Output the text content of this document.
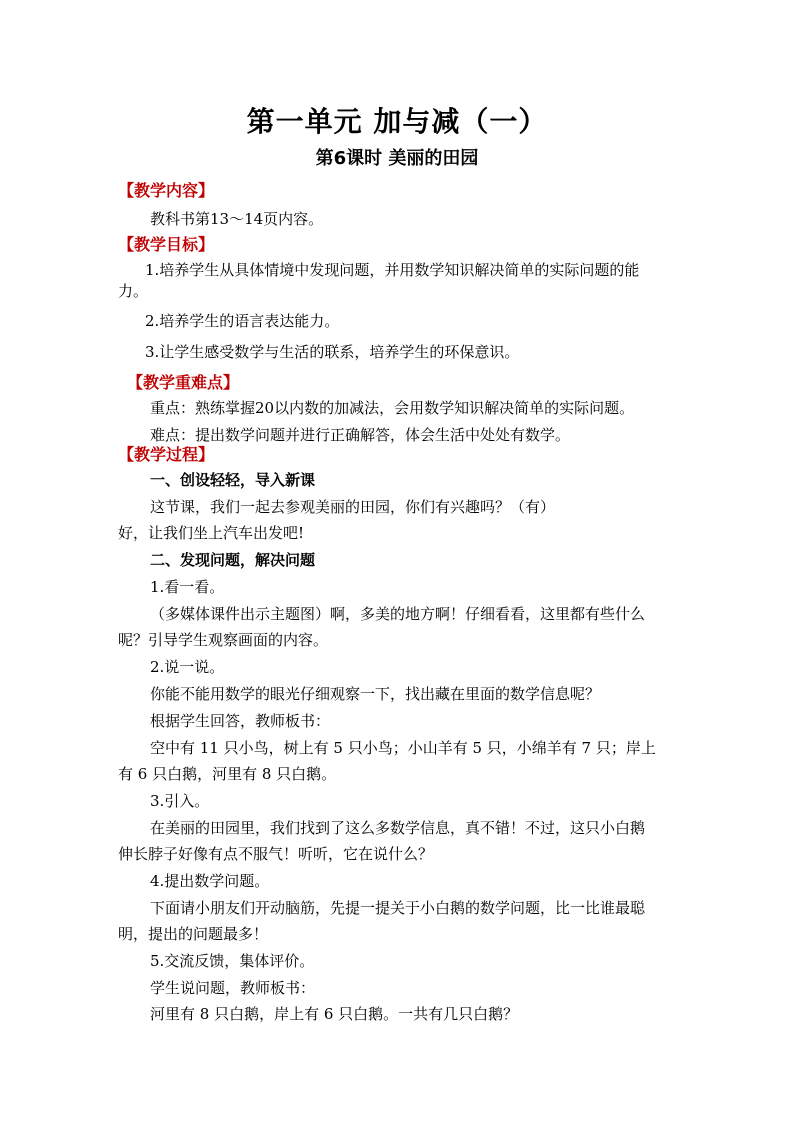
第一单元 加与减（一）
第6课时 美丽的田园
【教学内容】
教科书第13～14页内容。
【教学目标】
1.培养学生从具体情境中发现问题，并用数学知识解决简单的实际问题的能
力。
2.培养学生的语言表达能力。
3.让学生感受数学与生活的联系，培养学生的环保意识。
【教学重难点】
重点：熟练掌握20以内数的加减法，会用数学知识解决简单的实际问题。
难点：提出数学问题并进行正确解答，体会生活中处处有数学。
【教学过程】
一、创设轻轻，导入新课
这节课，我们一起去参观美丽的田园，你们有兴趣吗？（有）
好，让我们坐上汽车出发吧!
二、发现问题，解决问题
1.看一看。
（多媒体课件出示主题图）啊，多美的地方啊！仔细看看，这里都有些什么
呢？引导学生观察画面的内容。
2.说一说。
你能不能用数学的眼光仔细观察一下，找出藏在里面的数学信息呢？
根据学生回答，教师板书：
空中有 11 只小鸟，树上有 5 只小鸟；小山羊有 5 只，小绵羊有 7 只；岸上
有 6 只白鹅，河里有 8 只白鹅。
3.引入。
在美丽的田园里，我们找到了这么多数学信息，真不错！不过，这只小白鹅
伸长脖子好像有点不服气！听听，它在说什么？
4.提出数学问题。
下面请小朋友们开动脑筋，先提一提关于小白鹅的数学问题，比一比谁最聪
明，提出的问题最多！
5.交流反馈，集体评价。
学生说问题，教师板书：
河里有 8 只白鹅，岸上有 6 只白鹅。一共有几只白鹅？
